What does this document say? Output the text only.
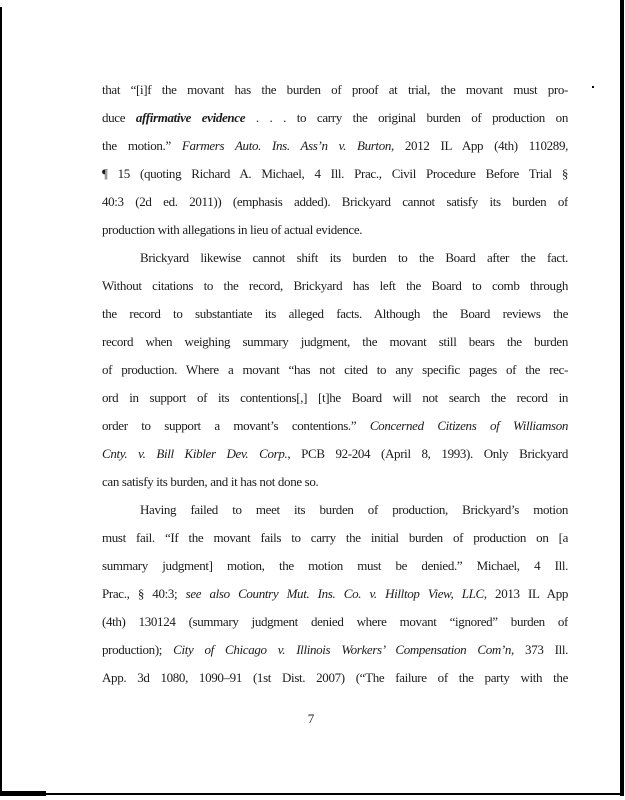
that “[i]f the movant has the burden of proof at trial, the movant must pro-
duce affirmative evidence . . . to carry the original burden of production on
the motion.” Farmers Auto. Ins. Ass’n v. Burton, 2012 IL App (4th) 110289,
¶ 15 (quoting Richard A. Michael, 4 Ill. Prac., Civil Procedure Before Trial §
40:3 (2d ed. 2011)) (emphasis added). Brickyard cannot satisfy its burden of
production with allegations in lieu of actual evidence.
Brickyard likewise cannot shift its burden to the Board after the fact.
Without citations to the record, Brickyard has left the Board to comb through
the record to substantiate its alleged facts. Although the Board reviews the
record when weighing summary judgment, the movant still bears the burden
of production. Where a movant “has not cited to any specific pages of the rec-
ord in support of its contentions[,] [t]he Board will not search the record in
order to support a movant’s contentions.” Concerned Citizens of Williamson
Cnty. v. Bill Kibler Dev. Corp., PCB 92-204 (April 8, 1993). Only Brickyard
can satisfy its burden, and it has not done so.
Having failed to meet its burden of production, Brickyard’s motion
must fail. “If the movant fails to carry the initial burden of production on [a
summary judgment] motion, the motion must be denied.” Michael, 4 Ill.
Prac., § 40:3; see also Country Mut. Ins. Co. v. Hilltop View, LLC, 2013 IL App
(4th) 130124 (summary judgment denied where movant “ignored” burden of
production); City of Chicago v. Illinois Workers’ Compensation Com’n, 373 Ill.
App. 3d 1080, 1090–91 (1st Dist. 2007) (“The failure of the party with the
7
